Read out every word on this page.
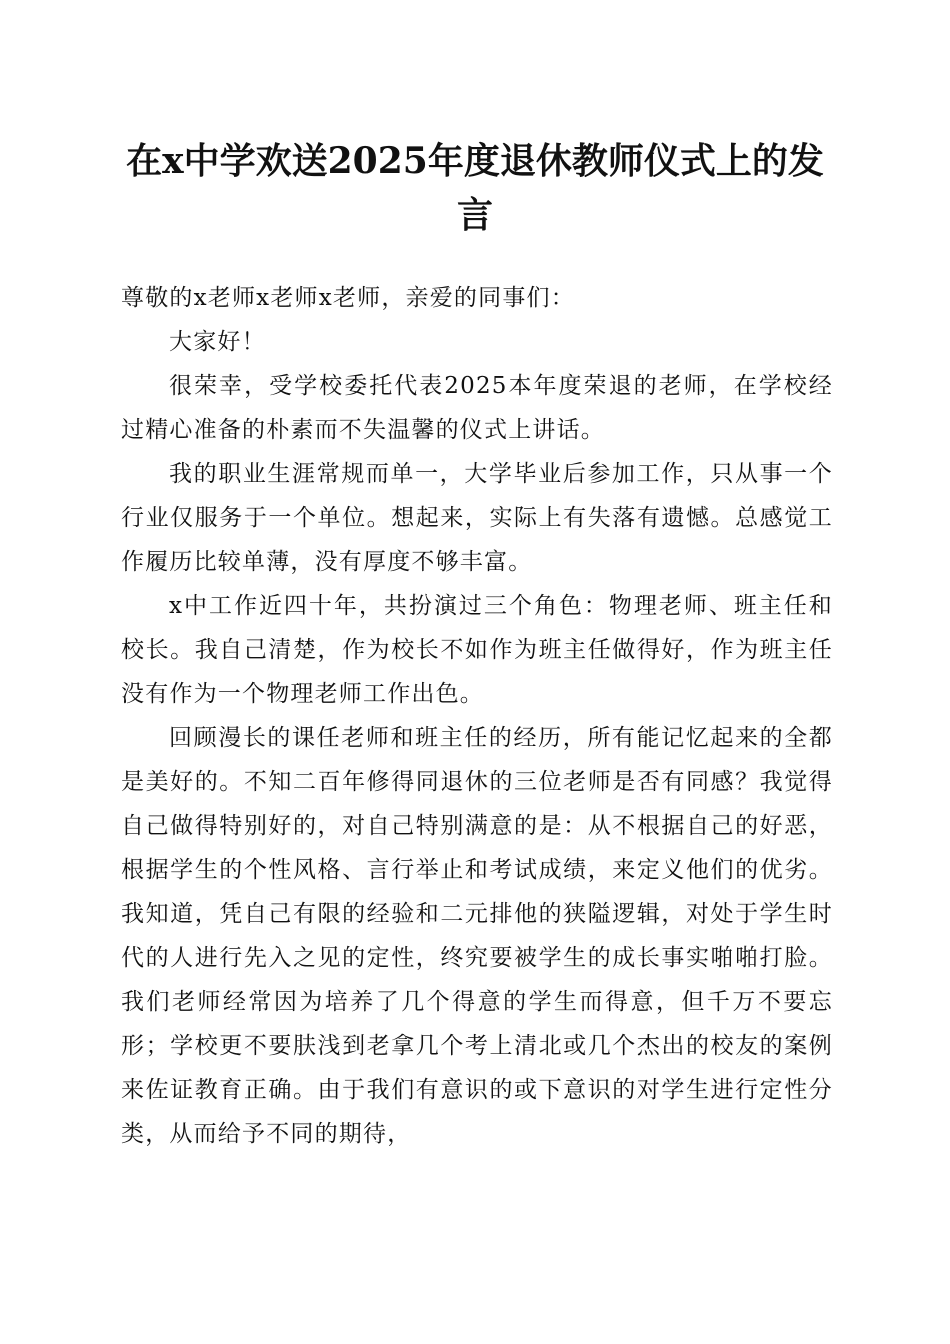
在x中学欢送2025年度退休教师仪式上的发言

尊敬的x老师x老师x老师，亲爱的同事们：

大家好！

很荣幸，受学校委托代表2025本年度荣退的老师，在学校经过精心准备的朴素而不失温馨的仪式上讲话。

我的职业生涯常规而单一，大学毕业后参加工作，只从事一个行业仅服务于一个单位。想起来，实际上有失落有遗憾。总感觉工作履历比较单薄，没有厚度不够丰富。

x中工作近四十年，共扮演过三个角色：物理老师、班主任和校长。我自己清楚，作为校长不如作为班主任做得好，作为班主任没有作为一个物理老师工作出色。

回顾漫长的课任老师和班主任的经历，所有能记忆起来的全都是美好的。不知二百年修得同退休的三位老师是否有同感？我觉得自己做得特别好的，对自己特别满意的是：从不根据自己的好恶，根据学生的个性风格、言行举止和考试成绩，来定义他们的优劣。我知道，凭自己有限的经验和二元排他的狭隘逻辑，对处于学生时代的人进行先入之见的定性，终究要被学生的成长事实啪啪打脸。我们老师经常因为培养了几个得意的学生而得意，但千万不要忘形；学校更不要肤浅到老拿几个考上清北或几个杰出的校友的案例来佐证教育正确。由于我们有意识的或下意识的对学生进行定性分类，从而给予不同的期待，
